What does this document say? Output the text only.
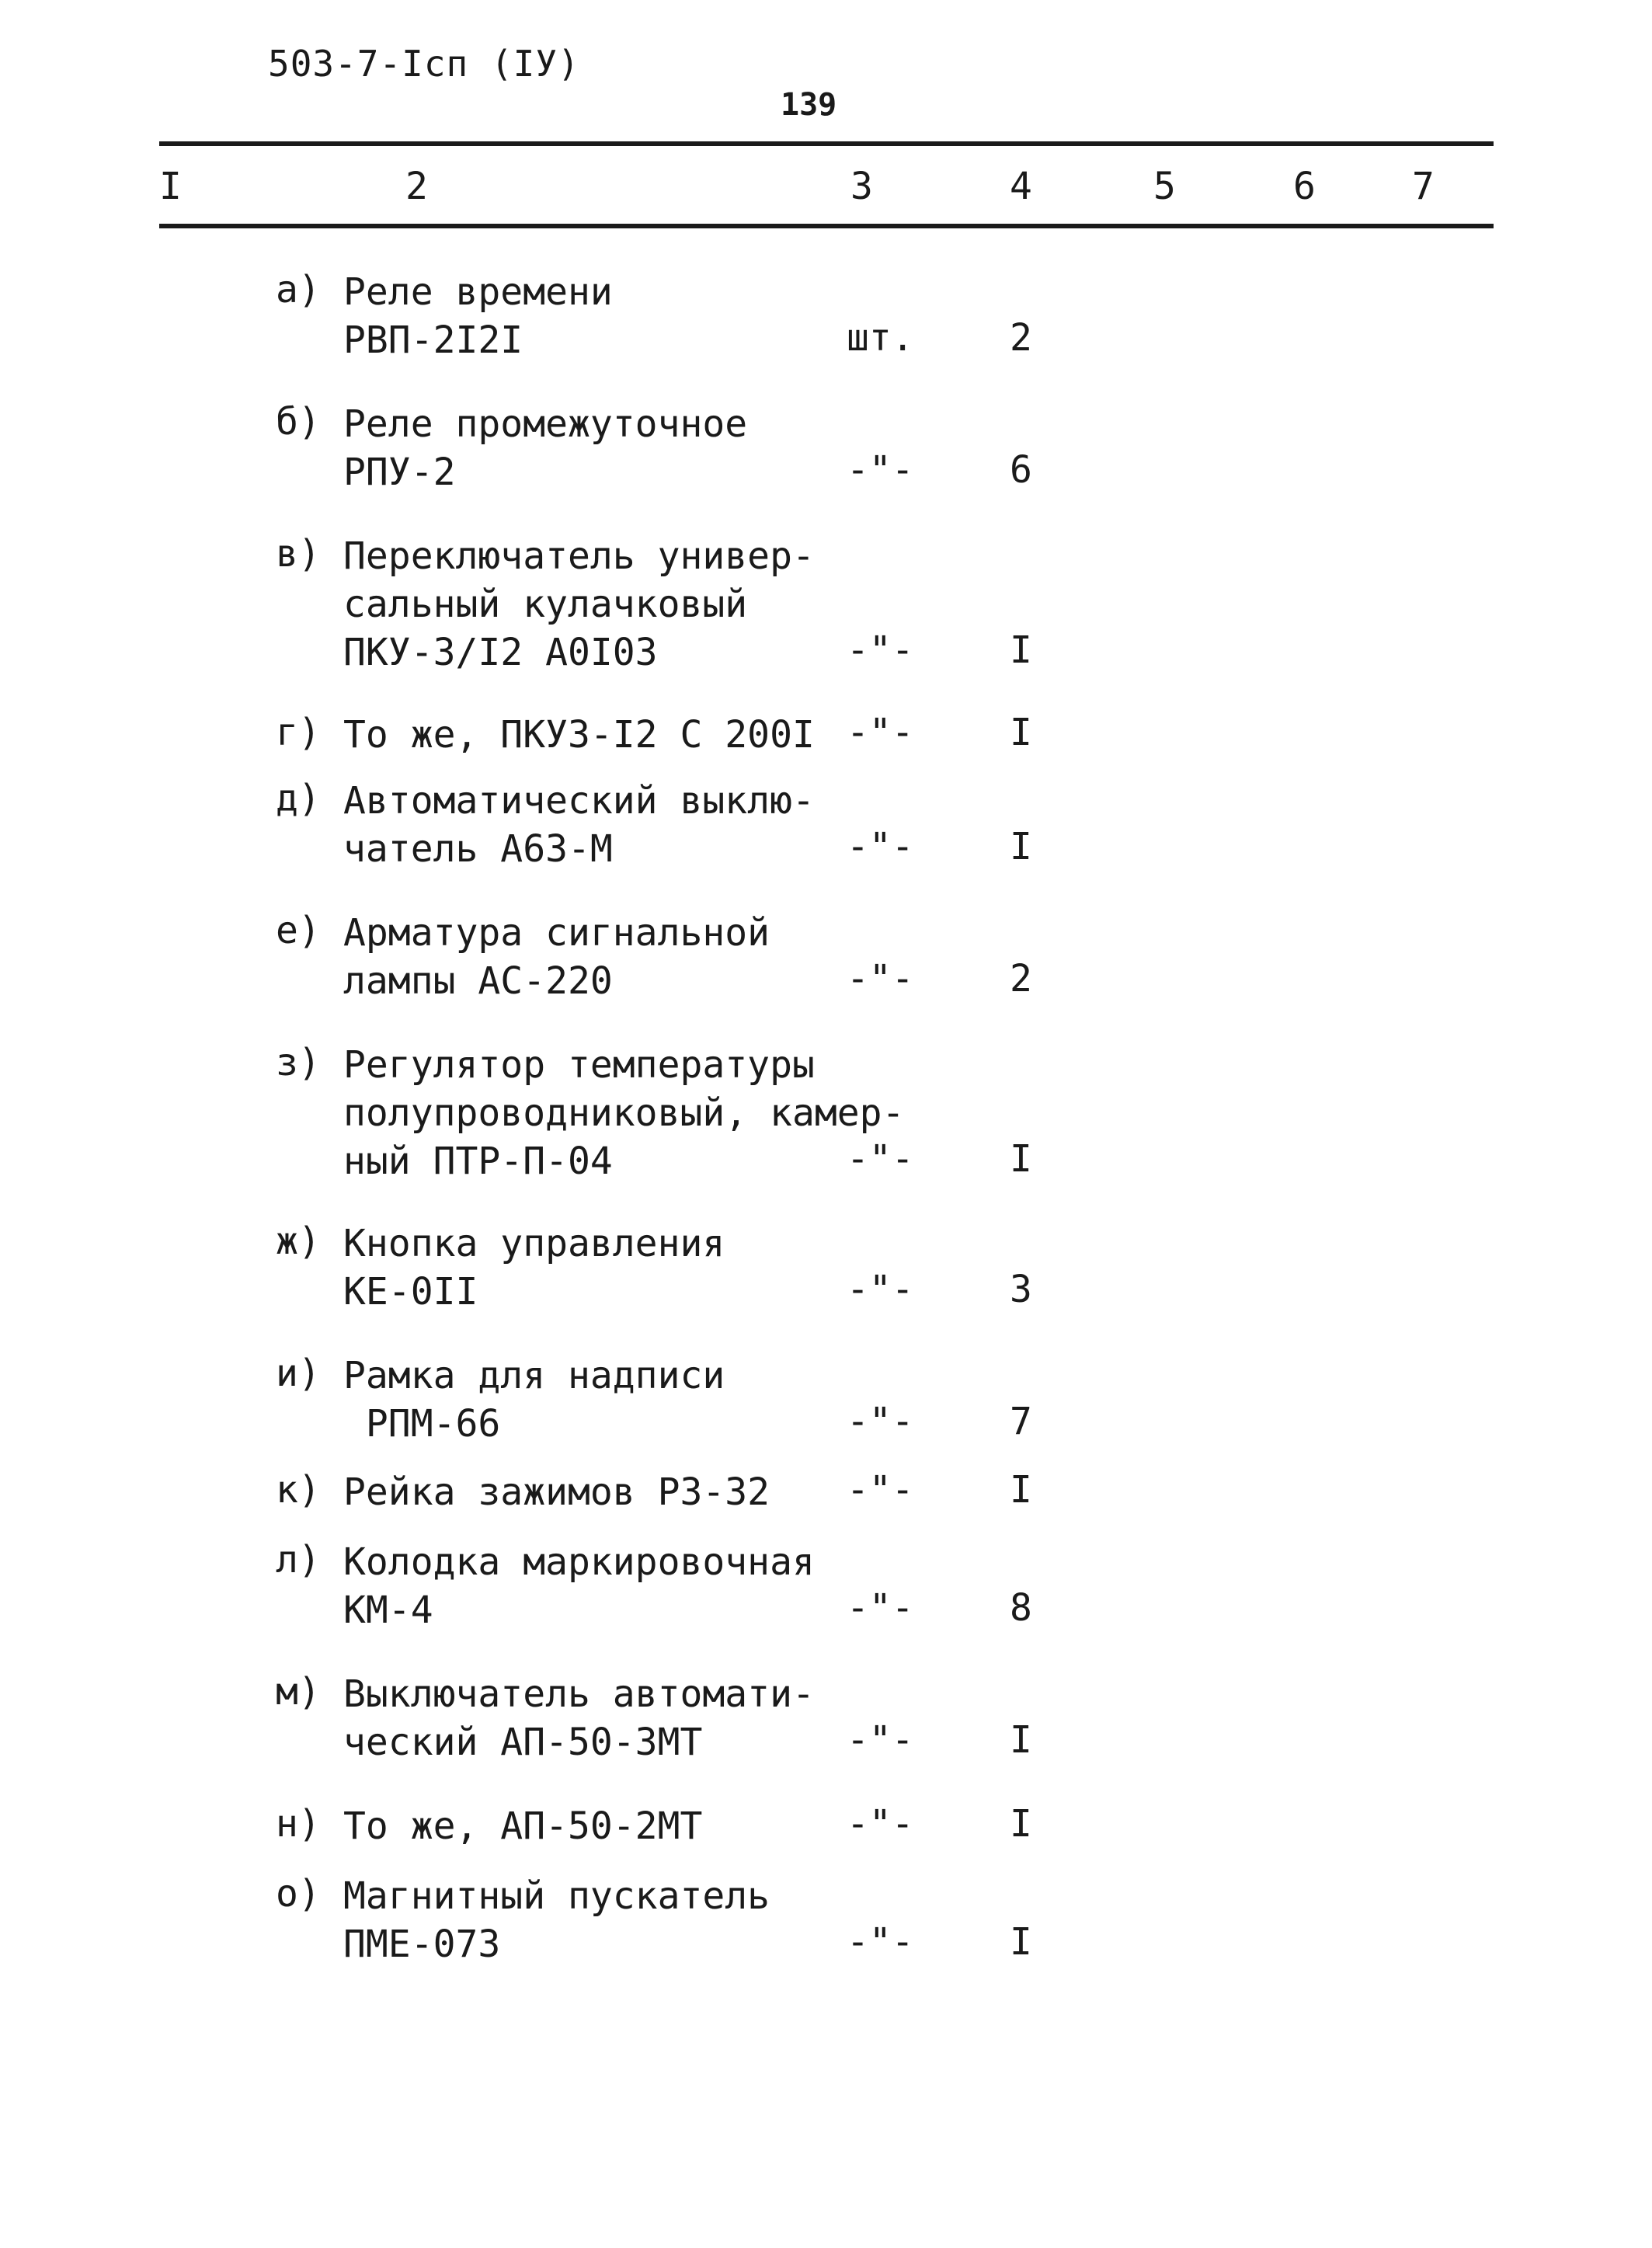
503-7-Iсп (IУ)
139
I	2	3	4	5	6	7
а) Реле времени
РВП-2I2I	шт.	2
б) Реле промежуточное
РПУ-2	-"-	6
в) Переключатель универ-
сальный кулачковый
ПКУ-3/I2 А0I03	-"-	I
г) То же, ПКУ3-I2 С 200I -"-	I
д) Автоматический выклю-
чатель А63-М	-"-	I
е) Арматура сигнальной
лампы АС-220	-"-	2
з) Регулятор температуры
полупроводниковый, камер-
ный ПТР-П-04	-"-	I
ж) Кнопка управления
КЕ-0II	-"-	3
и) Рамка для надписи
РПМ-66	-"-	7
к) Рейка зажимов Р3-32 -"-	I
л) Колодка маркировочная
КМ-4	-"-	8
м) Выключатель автомати-
ческий АП-50-3МТ	-"-	I
н) То же, АП-50-2МТ	-"-	I
о) Магнитный пускатель
ПМЕ-073	-"-	I
